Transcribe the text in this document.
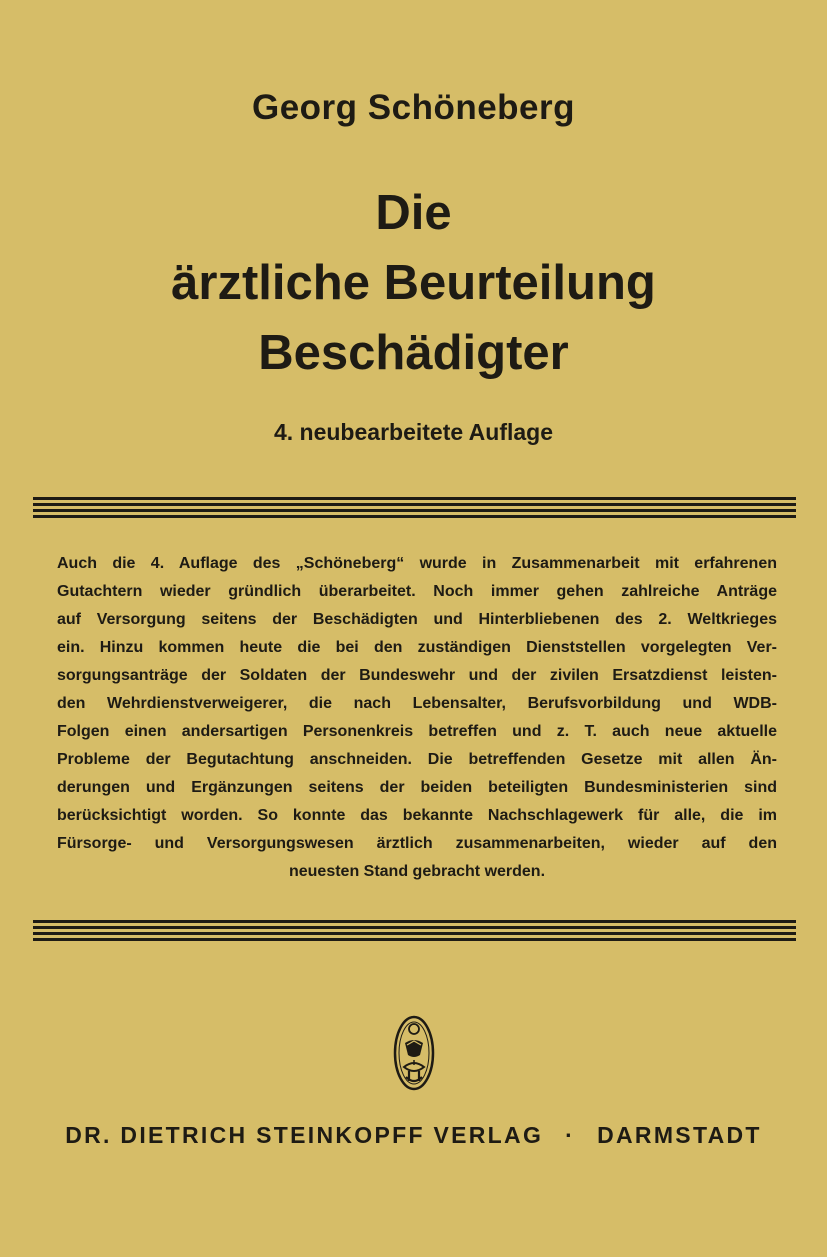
Georg Schöneberg
Die
ärztliche Beurteilung
Beschädigter
4. neubearbeitete Auflage
Auch die 4. Auflage des „Schöneberg“ wurde in Zusammenarbeit mit erfahrenen
Gutachtern wieder gründlich überarbeitet. Noch immer gehen zahlreiche Anträge
auf Versorgung seitens der Beschädigten und Hinterbliebenen des 2. Weltkrieges
ein. Hinzu kommen heute die bei den zuständigen Dienststellen vorgelegten Ver-
sorgungsanträge der Soldaten der Bundeswehr und der zivilen Ersatzdienst leisten-
den Wehrdienstverweigerer, die nach Lebensalter, Berufsvorbildung und WDB-
Folgen einen andersartigen Personenkreis betreffen und z. T. auch neue aktuelle
Probleme der Begutachtung anschneiden. Die betreffenden Gesetze mit allen Än-
derungen und Ergänzungen seitens der beiden beteiligten Bundesministerien sind
berücksichtigt worden. So konnte das bekannte Nachschlagewerk für alle, die im
Fürsorge- und Versorgungswesen ärztlich zusammenarbeiten, wieder auf den
neuesten Stand gebracht werden.
DR. DIETRICH STEINKOPFF VERLAG · DARMSTADT
